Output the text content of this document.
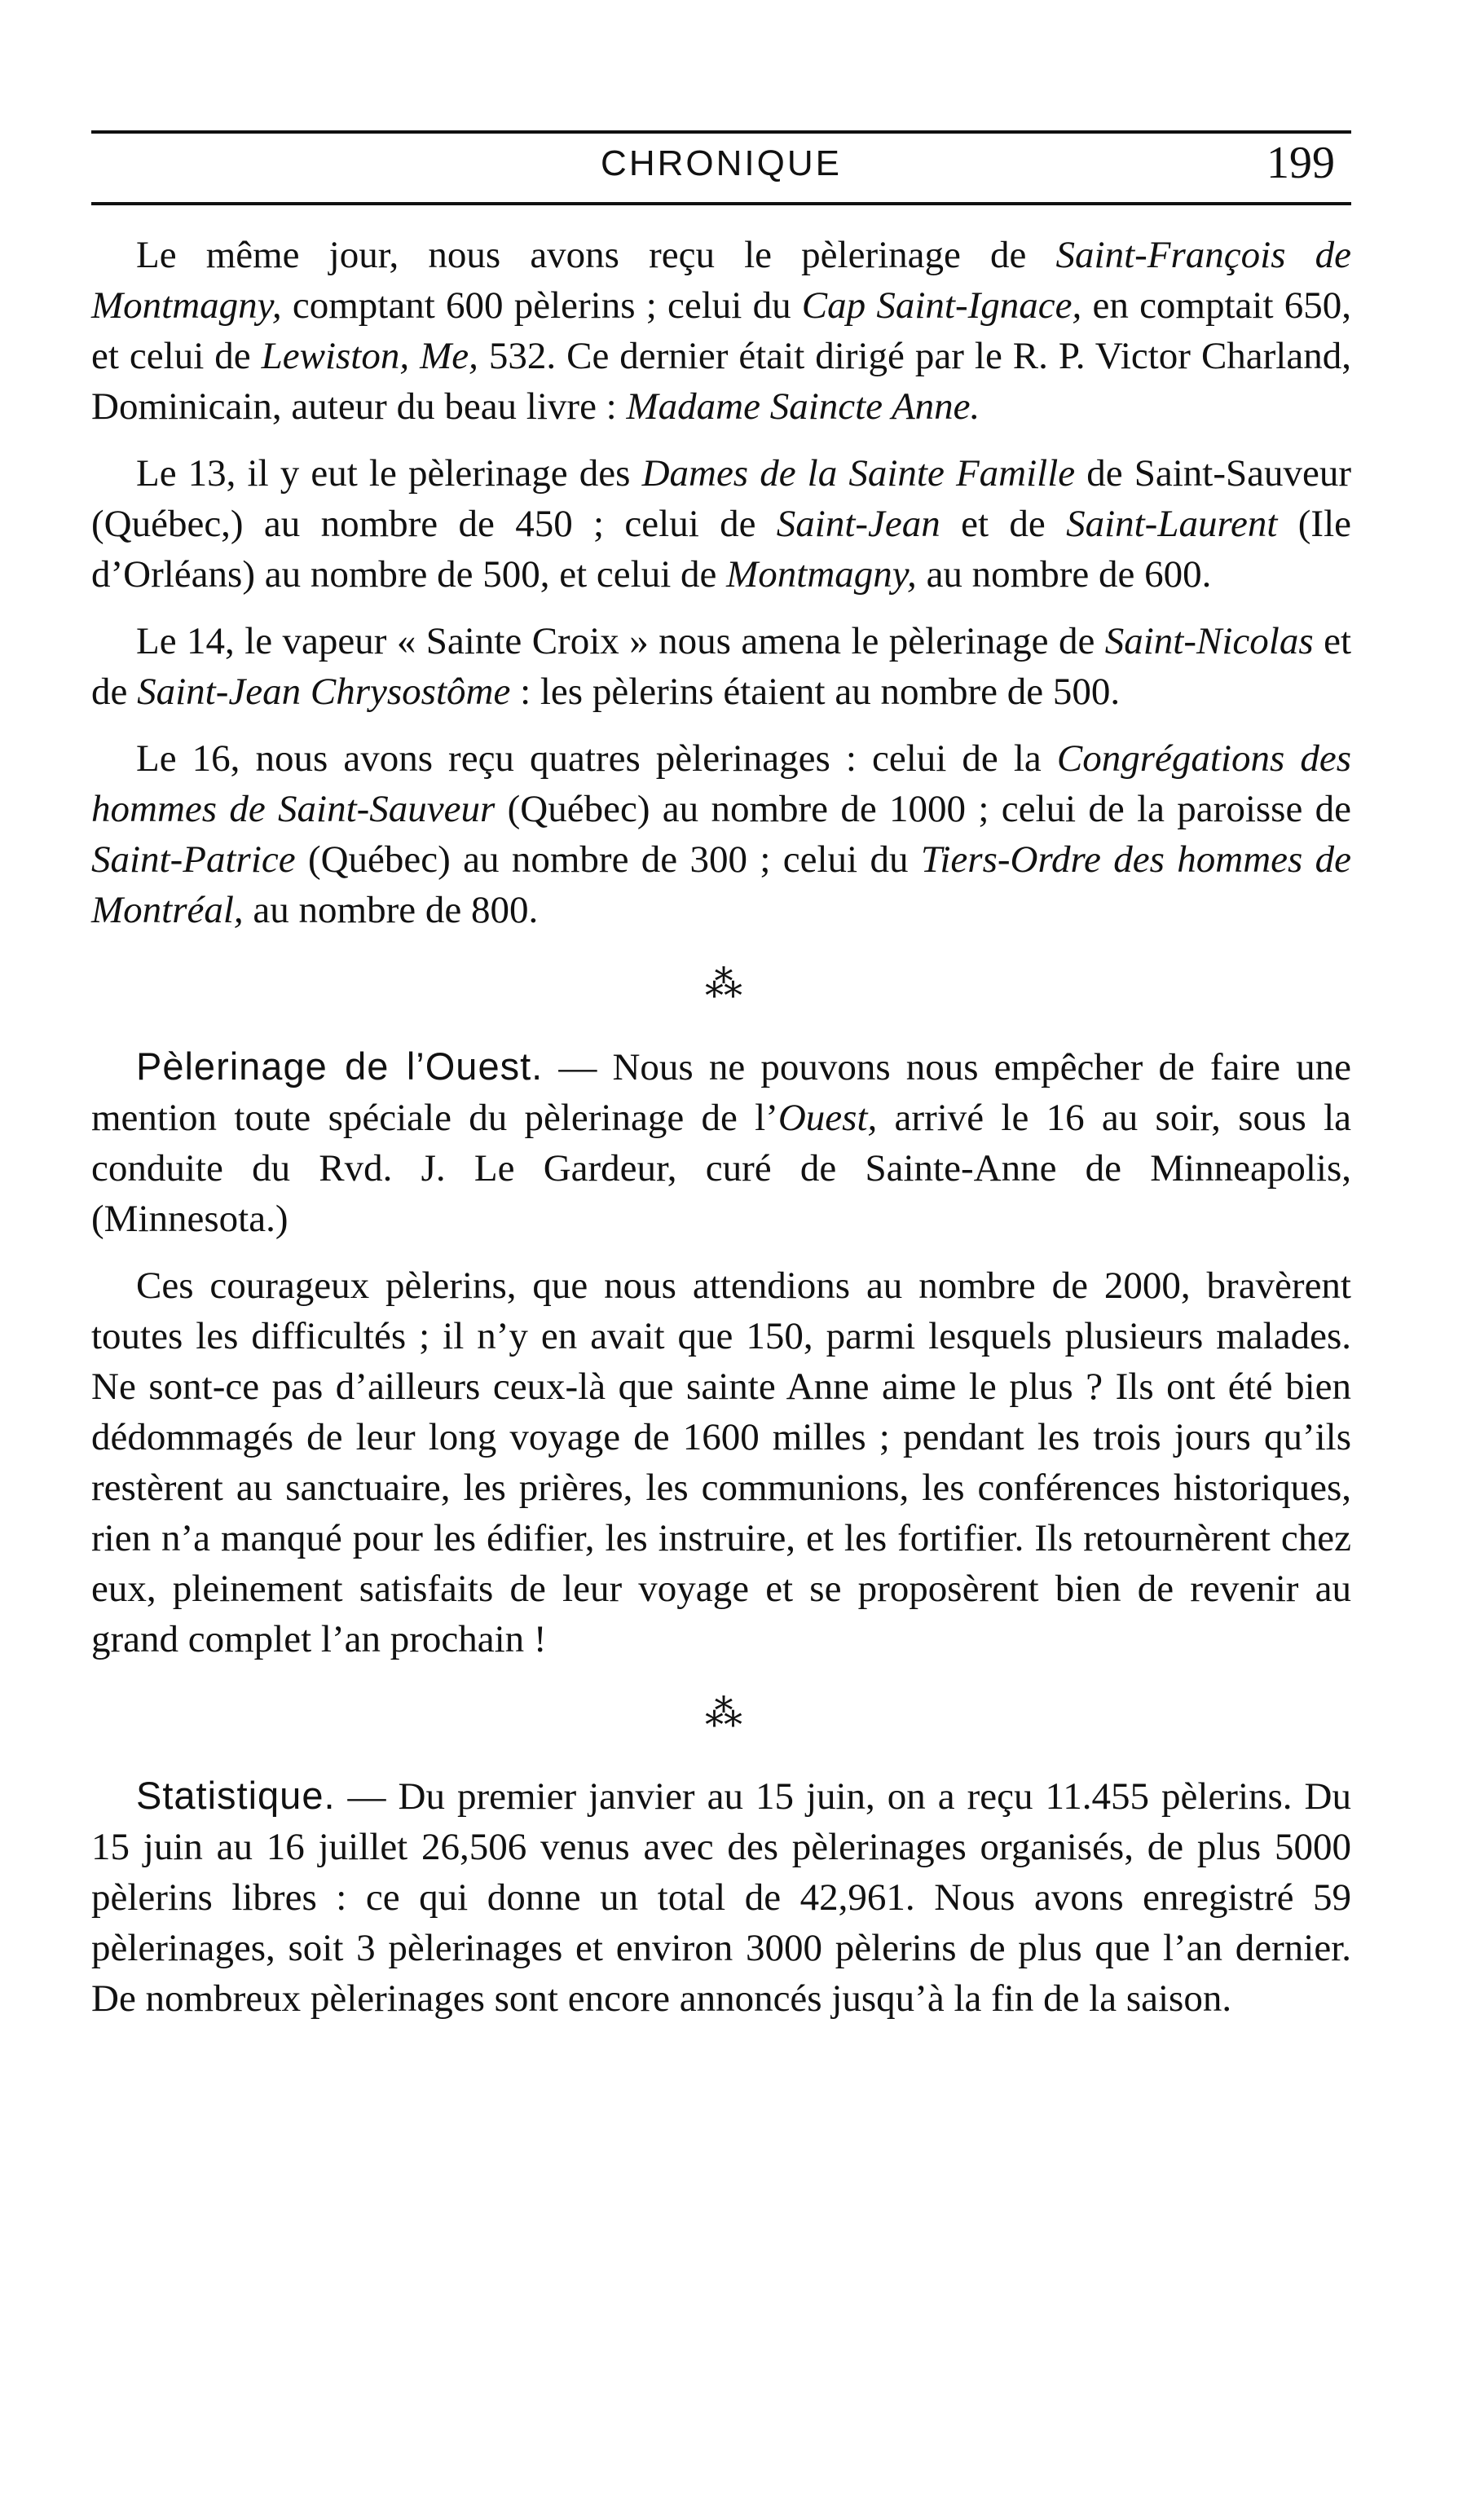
CHRONIQUE	199

Le même jour, nous avons reçu le pèlerinage de Saint-François de Montmagny, comptant 600 pèlerins ; celui du Cap Saint-Ignace, en comptait 650, et celui de Lewiston, Me, 532. Ce dernier était dirigé par le R. P. Victor Charland, Dominicain, auteur du beau livre : Madame Saincte Anne.

Le 13, il y eut le pèlerinage des Dames de la Sainte Famille de Saint-Sauveur (Québec,) au nombre de 450 ; celui de Saint-Jean et de Saint-Laurent (Ile d’Orléans) au nombre de 500, et celui de Montmagny, au nombre de 600.

Le 14, le vapeur « Sainte Croix » nous amena le pèlerinage de Saint-Nicolas et de Saint-Jean Chrysostôme : les pèlerins étaient au nombre de 500.

Le 16, nous avons reçu quatres pèlerinages : celui de la Congrégations des hommes de Saint-Sauveur (Québec) au nombre de 1000 ; celui de la paroisse de Saint-Patrice (Québec) au nombre de 300 ; celui du Tiers-Ordre des hommes de Montréal, au nombre de 800.

⁂

Pèlerinage de l’Ouest. — Nous ne pouvons nous empêcher de faire une mention toute spéciale du pèlerinage de l’Ouest, arrivé le 16 au soir, sous la conduite du Rvd. J. Le Gardeur, curé de Sainte-Anne de Minneapolis, (Minnesota.)

Ces courageux pèlerins, que nous attendions au nombre de 2000, bravèrent toutes les difficultés ; il n’y en avait que 150, parmi lesquels plusieurs malades. Ne sont-ce pas d’ailleurs ceux-là que sainte Anne aime le plus ? Ils ont été bien dédommagés de leur long voyage de 1600 milles ; pendant les trois jours qu’ils restèrent au sanctuaire, les prières, les communions, les conférences historiques, rien n’a manqué pour les édifier, les instruire, et les fortifier. Ils retournèrent chez eux, pleinement satisfaits de leur voyage et se proposèrent bien de revenir au grand complet l’an prochain !

⁂

Statistique. — Du premier janvier au 15 juin, on a reçu 11.455 pèlerins. Du 15 juin au 16 juillet 26,506 venus avec des pèlerinages organisés, de plus 5000 pèlerins libres : ce qui donne un total de 42,961. Nous avons enregistré 59 pèlerinages, soit 3 pèlerinages et environ 3000 pèlerins de plus que l’an dernier. De nombreux pèlerinages sont encore annoncés jusqu’à la fin de la saison.
